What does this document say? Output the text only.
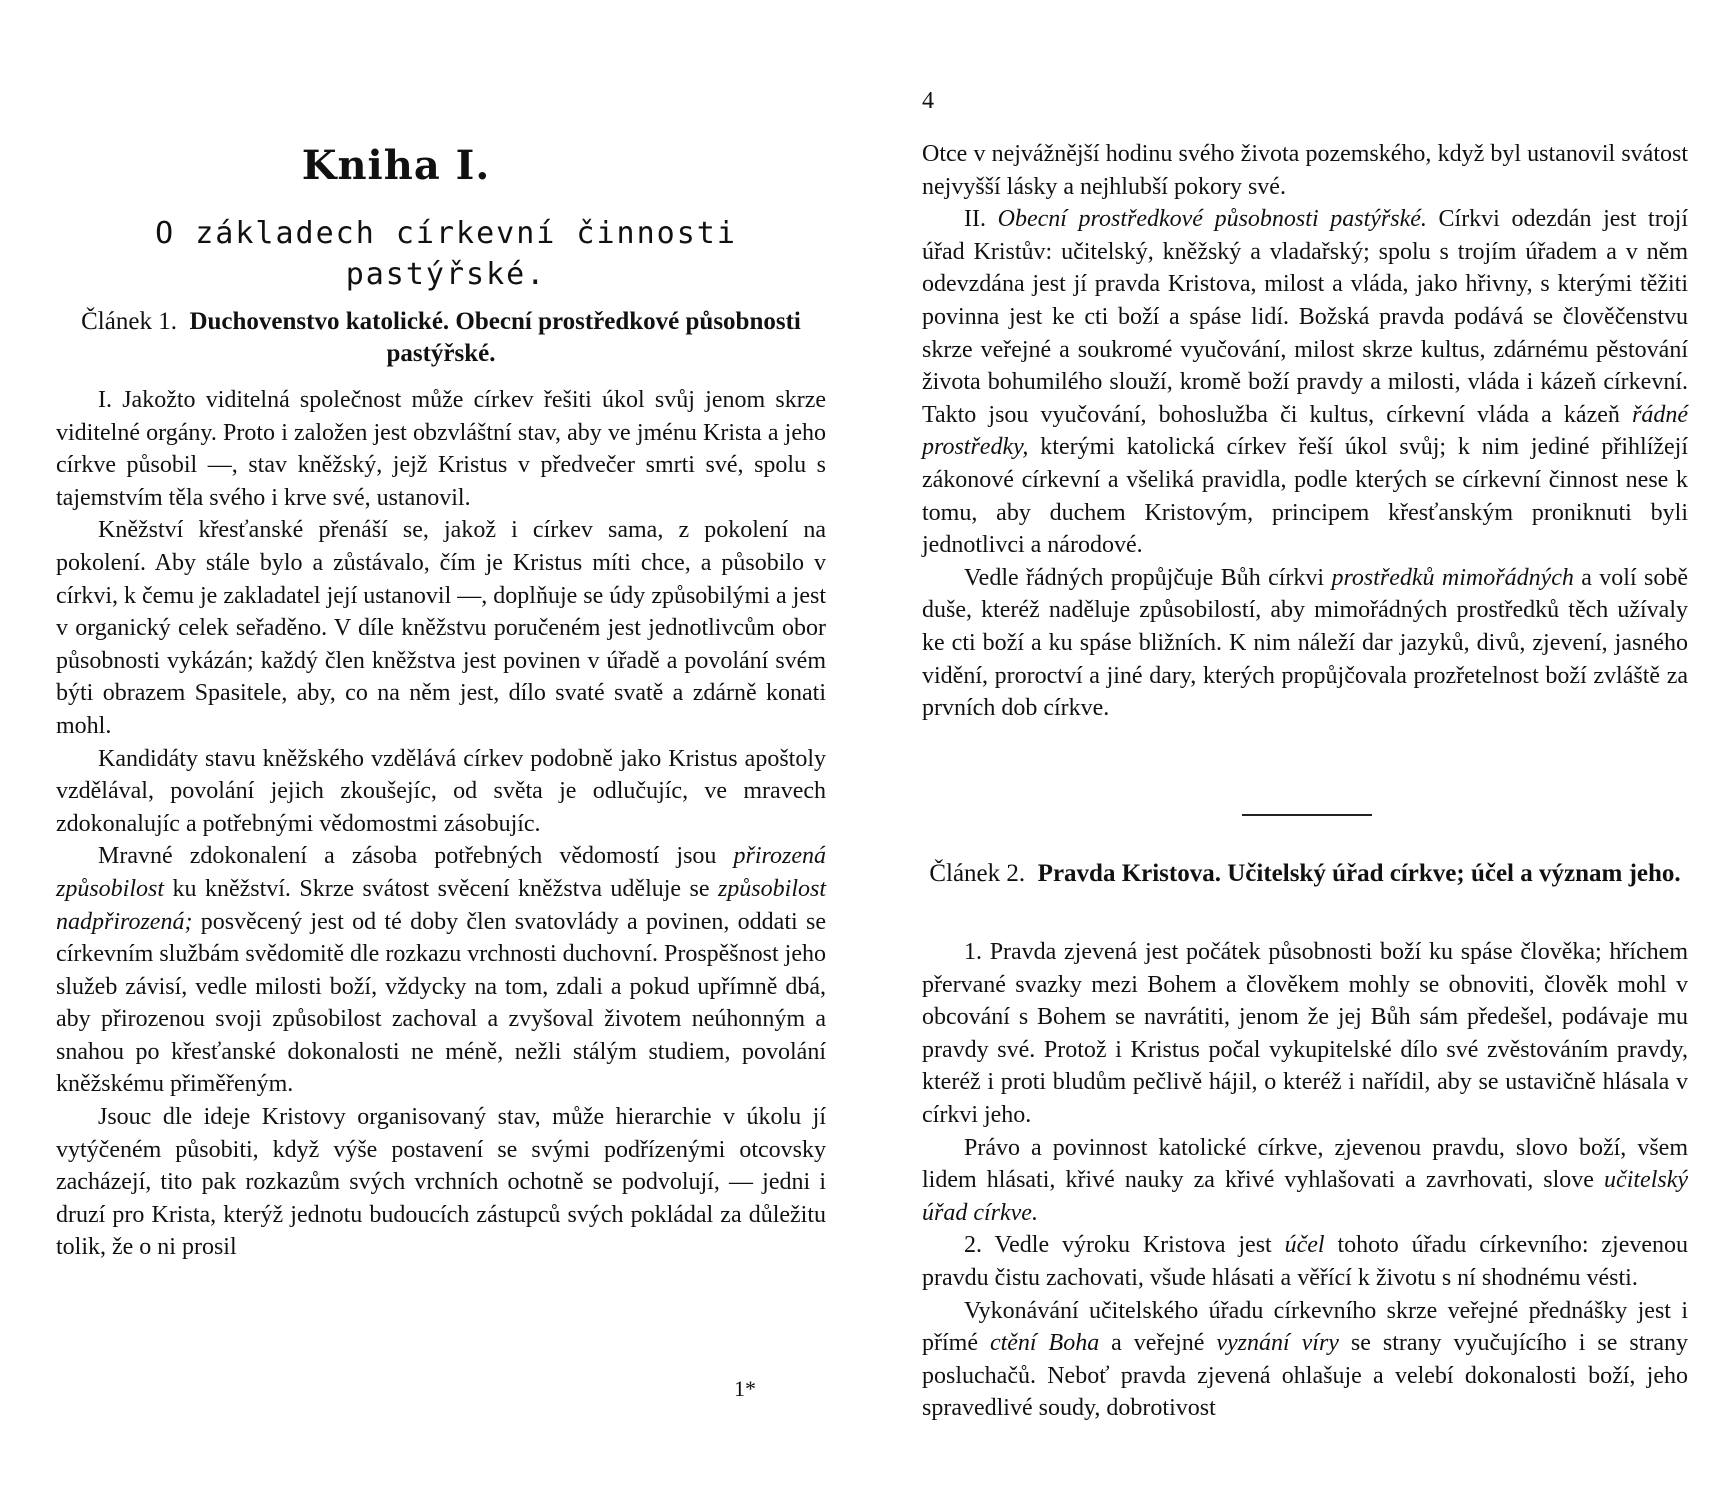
Kniha I.
O základech církevní činnosti pastýřské.
Článek 1. Duchovenstvo katolické. Obecní prostředkové působnosti pastýřské.

I. Jakožto viditelná společnost může církev řešiti úkol svůj jenom skrze viditelné orgány. Proto i založen jest obzvláštní stav, aby ve jménu Krista a jeho církve působil —, stav kněžský, jejž Kristus v předvečer smrti své, spolu s tajemstvím těla svého i krve své, ustanovil.

Kněžství křesťanské přenáší se, jakož i církev sama, z pokolení na pokolení. Aby stále bylo a zůstávalo, čím je Kristus míti chce, a působilo v církvi, k čemu je zakladatel její ustanovil —, doplňuje se údy způsobilými a jest v organický celek seřaděno. V díle kněžstvu poručeném jest jednotlivcům obor působnosti vykázán; každý člen kněžstva jest povinen v úřadě a povolání svém býti obrazem Spasitele, aby, co na něm jest, dílo svaté svatě a zdárně konati mohl.

Kandidáty stavu kněžského vzdělává církev podobně jako Kristus apoštoly vzdělával, povolání jejich zkoušejíc, od světa je odlučujíc, ve mravech zdokonalujíc a potřebnými vědomostmi zásobujíc.

Mravné zdokonalení a zásoba potřebných vědomostí jsou přirozená způsobilost ku kněžství. Skrze svátost svěcení kněžstva uděluje se způsobilost nadpřirozená; posvěcený jest od té doby člen svatovlády a povinen, oddati se církevním službám svědomitě dle rozkazu vrchnosti duchovní. Prospěšnost jeho služeb závisí, vedle milosti boží, vždycky na tom, zdali a pokud upřímně dbá, aby přirozenou svoji způsobilost zachoval a zvyšoval životem neúhonným a snahou po křesťanské dokonalosti ne méně, nežli stálým studiem, povolání kněžskému přiměřeným.

Jsouc dle ideje Kristovy organisovaný stav, může hierarchie v úkolu jí vytýčeném působiti, když výše postavení se svými podřízenými otcovsky zacházejí, tito pak rozkazům svých vrchních ochotně se podvolují, — jedni i druzí pro Krista, kterýž jednotu budoucích zástupců svých pokládal za důležitu tolik, že o ni prosil

1*
4

Otce v nejvážnější hodinu svého života pozemského, když byl ustanovil svátost nejvyšší lásky a nejhlubší pokory své.

II. Obecní prostředkové působnosti pastýřské. Církvi odezdán jest trojí úřad Kristův: učitelský, kněžský a vladařský; spolu s trojím úřadem a v něm odevzdána jest jí pravda Kristova, milost a vláda, jako hřivny, s kterými těžiti povinna jest ke cti boží a spáse lidí. Božská pravda podává se člověčenstvu skrze veřejné a soukromé vyučování, milost skrze kultus, zdárnému pěstování života bohumilého slouží, kromě boží pravdy a milosti, vláda i kázeň církevní. Takto jsou vyučování, bohoslužba či kultus, církevní vláda a kázeň řádné prostředky, kterými katolická církev řeší úkol svůj; k nim jediné přihlížejí zákonové církevní a všeliká pravidla, podle kterých se církevní činnost nese k tomu, aby duchem Kristovým, principem křesťanským proniknuti byli jednotlivci a národové.

Vedle řádných propůjčuje Bůh církvi prostředků mimořádných a volí sobě duše, kteréž naděluje způsobilostí, aby mimořádných prostředků těch užívaly ke cti boží a ku spáse bližních. K nim náleží dar jazyků, divů, zjevení, jasného vidění, proroctví a jiné dary, kterých propůjčovala prozřetelnost boží zvláště za prvních dob církve.

Článek 2. Pravda Kristova. Učitelský úřad církve; účel a význam jeho.

1. Pravda zjevená jest počátek působnosti boží ku spáse člověka; hříchem přervané svazky mezi Bohem a člověkem mohly se obnoviti, člověk mohl v obcování s Bohem se navrátiti, jenom že jej Bůh sám předešel, podávaje mu pravdy své. Protož i Kristus počal vykupitelské dílo své zvěstováním pravdy, kteréž i proti bludům pečlivě hájil, o kteréž i nařídil, aby se ustavičně hlásala v církvi jeho.

Právo a povinnost katolické církve, zjevenou pravdu, slovo boží, všem lidem hlásati, křivé nauky za křivé vyhlašovati a zavrhovati, slove učitelský úřad církve.

2. Vedle výroku Kristova jest účel tohoto úřadu církevního: zjevenou pravdu čistu zachovati, všude hlásati a věřící k životu s ní shodnému vésti.

Vykonávání učitelského úřadu církevního skrze veřejné přednášky jest i přímé ctění Boha a veřejné vyznání víry se strany vyučujícího i se strany posluchačů. Neboť pravda zjevená ohlašuje a velebí dokonalosti boží, jeho spravedlivé soudy, dobrotivost
